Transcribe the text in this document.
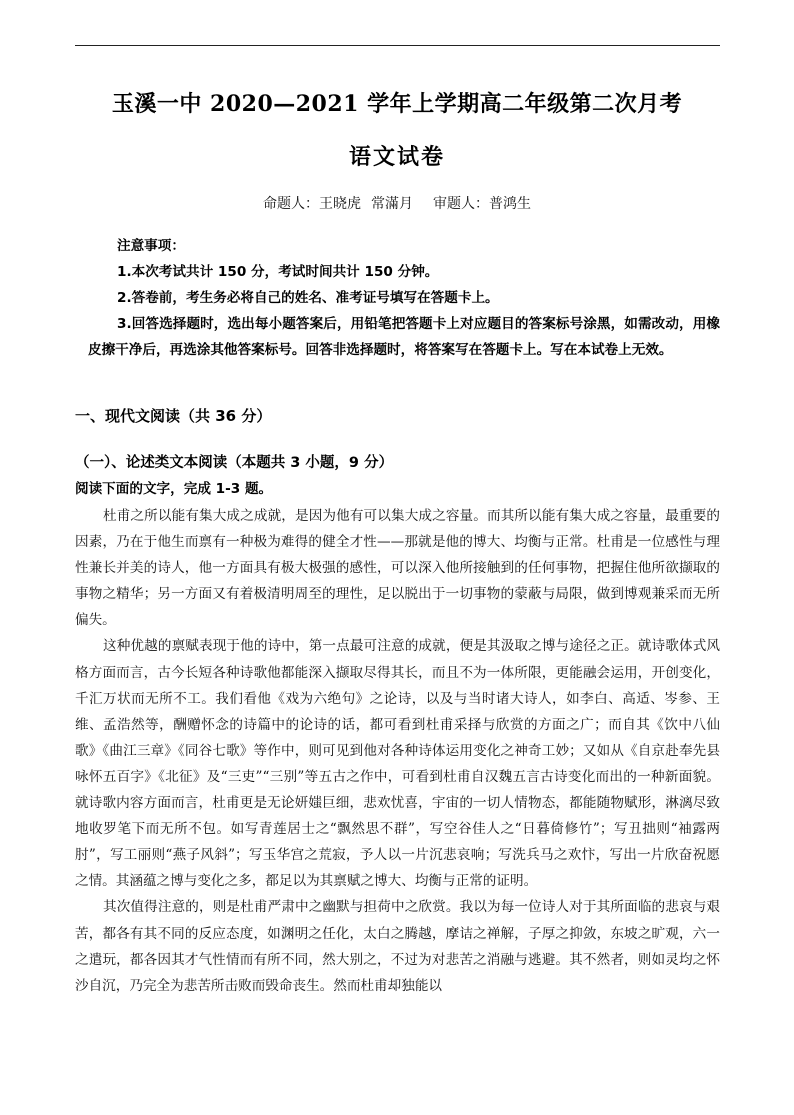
玉溪一中 2020—2021 学年上学期高二年级第二次月考
语文试卷
命题人：王晓虎 常滿月 审题人：普鸿生
注意事项：
1.本次考试共计 150 分，考试时间共计 150 分钟。
2.答卷前，考生务必将自己的姓名、准考证号填写在答题卡上。
3.回答选择题时，选出每小题答案后，用铅笔把答题卡上对应题目的答案标号涂黑，如需改动，用橡皮擦干净后，再选涂其他答案标号。回答非选择题时，将答案写在答题卡上。写在本试卷上无效。
一、现代文阅读（共 36 分）
（一）、论述类文本阅读（本题共 3 小题，9 分）
阅读下面的文字，完成 1-3 题。

杜甫之所以能有集大成之成就，是因为他有可以集大成之容量。而其所以能有集大成之容量，最重要的因素，乃在于他生而禀有一种极为难得的健全才性——那就是他的博大、均衡与正常。杜甫是一位感性与理性兼长并美的诗人，他一方面具有极大极强的感性，可以深入他所接触到的任何事物，把握住他所欲撷取的事物之精华；另一方面又有着极清明周至的理性，足以脱出于一切事物的蒙蔽与局限，做到博观兼采而无所偏失。

这种优越的禀赋表现于他的诗中，第一点最可注意的成就，便是其汲取之博与途径之正。就诗歌体式风格方面而言，古今长短各种诗歌他都能深入撷取尽得其长，而且不为一体所限，更能融会运用，开创变化，千汇万状而无所不工。我们看他《戏为六绝句》之论诗，以及与当时诸大诗人，如李白、高适、岑参、王维、孟浩然等，酬赠怀念的诗篇中的论诗的话，都可看到杜甫采择与欣赏的方面之广；而自其《饮中八仙歌》《曲江三章》《同谷七歌》等作中，则可见到他对各种诗体运用变化之神奇工妙；又如从《自京赴奉先县咏怀五百字》《北征》及“三吏”“三别”等五古之作中，可看到杜甫自汉魏五言古诗变化而出的一种新面貌。就诗歌内容方面而言，杜甫更是无论妍媸巨细，悲欢忧喜，宇宙的一切人情物态，都能随物赋形，淋漓尽致地收罗笔下而无所不包。如写青莲居士之“飘然思不群”，写空谷佳人之“日暮倚修竹”；写丑拙则“袖露两肘”，写工丽则“燕子风斜”；写玉华宫之荒寂，予人以一片沉悲哀响；写洗兵马之欢忭，写出一片欣奋祝愿之情。其涵蕴之博与变化之多，都足以为其禀赋之博大、均衡与正常的证明。

其次值得注意的，则是杜甫严肃中之幽默与担荷中之欣赏。我以为每一位诗人对于其所面临的悲哀与艰苦，都各有其不同的反应态度，如渊明之任化，太白之腾越，摩诘之禅解，子厚之抑敛，东坡之旷观，六一之遣玩，都各因其才气性情而有所不同，然大别之，不过为对悲苦之消融与逃避。其不然者，则如灵均之怀沙自沉，乃完全为悲苦所击败而毁命丧生。然而杜甫却独能以
